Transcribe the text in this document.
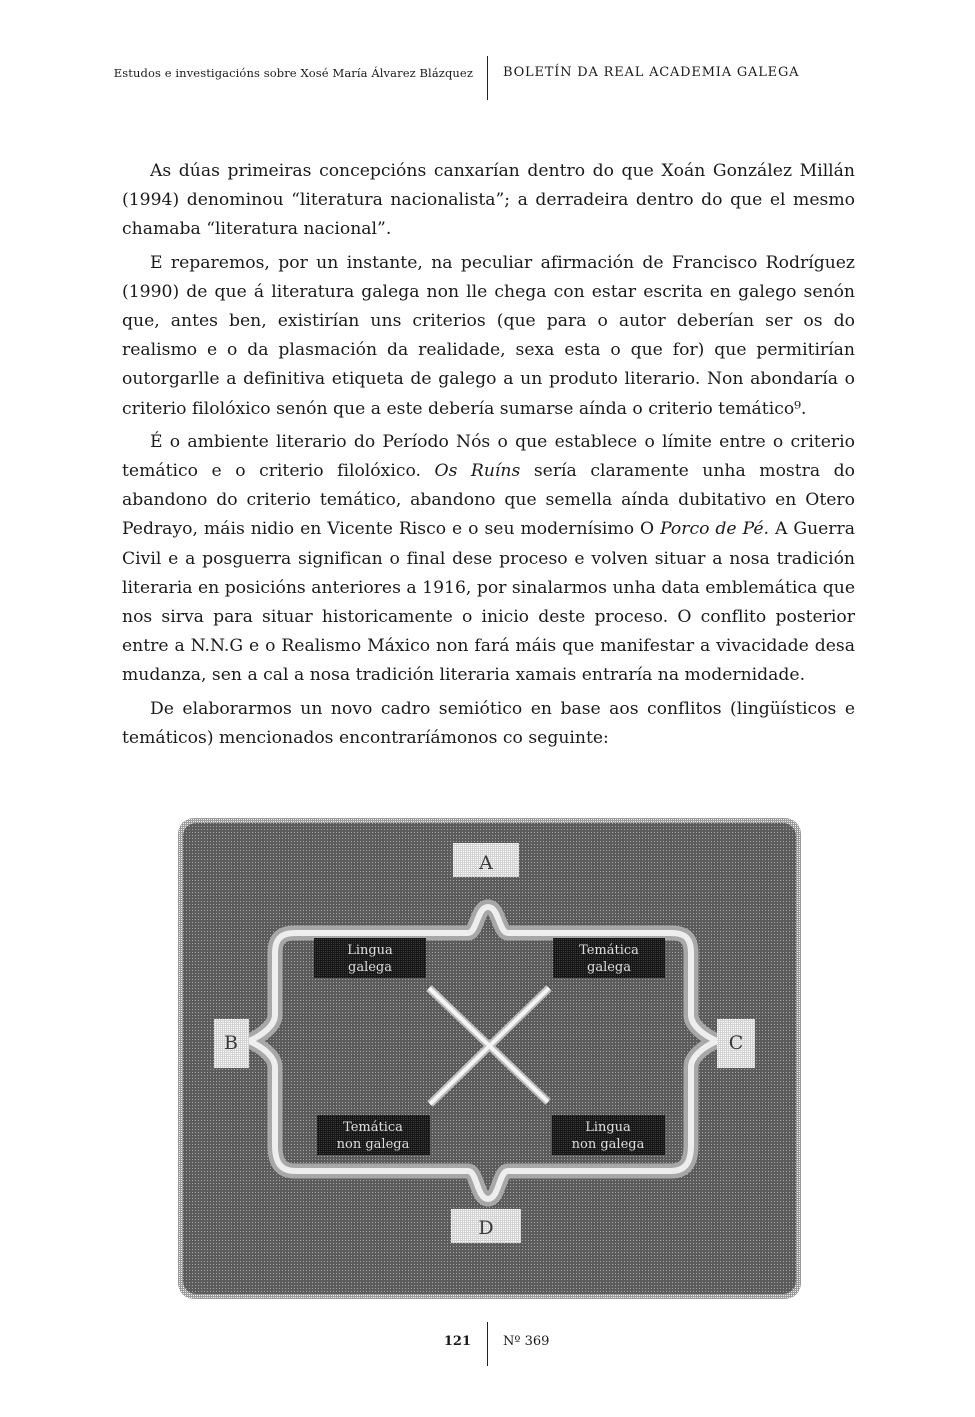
Estudos e investigacións sobre Xosé María Álvarez Blázquez BOLETÍN DA REAL ACADEMIA GALEGA

As dúas primeiras concepcións canxarían dentro do que Xoán González Millán (1994) denominou “literatura nacionalista”; a derradeira dentro do que el mesmo chamaba “literatura nacional”.

E reparemos, por un instante, na peculiar afirmación de Francisco Rodríguez (1990) de que á literatura galega non lle chega con estar escrita en galego senón que, antes ben, existirían uns criterios (que para o autor deberían ser os do realismo e o da plasmación da realidade, sexa esta o que for) que permitirían outorgarlle a definitiva etiqueta de galego a un produto literario. Non abondaría o criterio filolóxico senón que a este debería sumarse aínda o criterio temático⁹.

É o ambiente literario do Período Nós o que establece o límite entre o criterio temático e o criterio filolóxico. Os Ruíns sería claramente unha mostra do abandono do criterio temático, abandono que semella aínda dubitativo en Otero Pedrayo, máis nidio en Vicente Risco e o seu modernísimo O Porco de Pé. A Guerra Civil e a posguerra significan o final dese proceso e volven situar a nosa tradición literaria en posicións anteriores a 1916, por sinalarmos unha data emblemática que nos sirva para situar historicamente o inicio deste proceso. O conflito posterior entre a N.N.G e o Realismo Máxico non fará máis que manifestar a vivacidade desa mudanza, sen a cal a nosa tradición literaria xamais entraría na modernidade.

De elaborarmos un novo cadro semiótico en base aos conflitos (lingüísticos e temáticos) mencionados encontraríámonos co seguinte:

A
B	C
D
Lingua
galega
Temática
galega
Temática
non galega
Lingua
non galega
121 Nº 369
